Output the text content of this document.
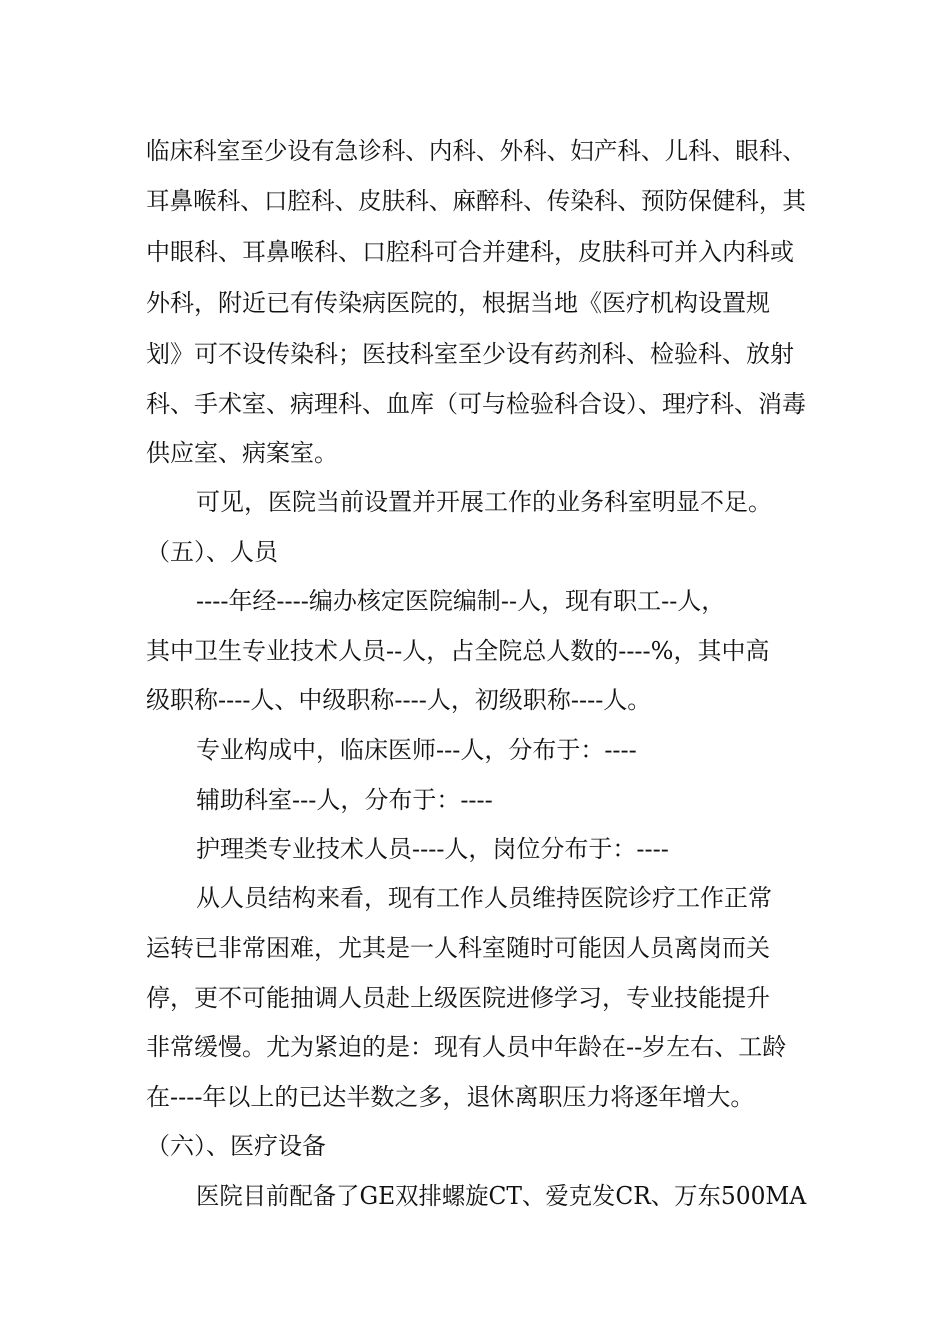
临床科室至少设有急诊科、内科、外科、妇产科、儿科、眼科、
耳鼻喉科、口腔科、皮肤科、麻醉科、传染科、预防保健科，其
中眼科、耳鼻喉科、口腔科可合并建科，皮肤科可并入内科或
外科，附近已有传染病医院的，根据当地《医疗机构设置规
划》可不设传染科；医技科室至少设有药剂科、检验科、放射
科、手术室、病理科、血库（可与检验科合设）、理疗科、消毒
供应室、病案室。
可见，医院当前设置并开展工作的业务科室明显不足。
（五）、人员
----年经----编办核定医院编制--人，现有职工--人，
其中卫生专业技术人员--人，占全院总人数的----%，其中高
级职称----人、中级职称----人，初级职称----人。
专业构成中，临床医师---人，分布于：----
辅助科室---人，分布于：----
护理类专业技术人员----人，岗位分布于：----
从人员结构来看，现有工作人员维持医院诊疗工作正常
运转已非常困难，尤其是一人科室随时可能因人员离岗而关
停，更不可能抽调人员赴上级医院进修学习，专业技能提升
非常缓慢。尤为紧迫的是：现有人员中年龄在--岁左右、工龄
在----年以上的已达半数之多，退休离职压力将逐年增大。
（六）、医疗设备
医院目前配备了GE双排螺旋CT、爱克发CR、万东500MA
